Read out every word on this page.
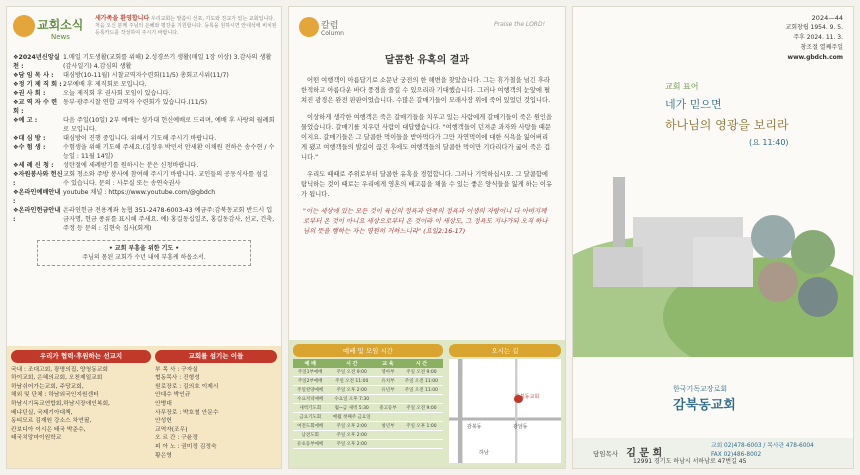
교회소식
News
새가족을 환영합니다 우리교회는 말씀이 선포, 기도와 친교가 있는 교회입니다. 처음 오신 분께 주님의 은혜와 평강을 기원합니다. 등록을 원하시면 안내석에 비치된 등록카드를 작성하여 주시기 바랍니다.
❖2024년신앙실천 :
1.매일 기도생활(교회를 위해) 2.성경쓰기 생활(매일 1장 이상) 3.감사의 생활(감사일기) 4.감심의 생활
❖담 임 목 사 :	대심방(10-11월) 시찰교역자수련회(11/5) 총회고시위(11/7)
❖정 기 제 직 회 : 2부예배 후 제직회로 모입니다.
❖권 사 회 :	오늘 제직회 후 권사회 모임이 있습니다.
❖교 역 자 수 련 회 :
동부·광주시찰 연합 교역자 수련회가 있습니다.(11/5)
❖예 고 :	다음 주일(10일) 2부 예배는 성가대 헌신예배로 드리며, 예배 후 사랑의 월례회로 모입니다.
❖대 심 방 :	대심방이 진행 중입니다. 위해서 기도해 주시기 바랍니다.
❖수 험 생 :	수험생을 위해 기도해 주세요.(김장우 박민서 안세환 이채원 전하은 송수현 / 수능일 : 11월 14일)
❖세 례 신 청 :	성탄절에 세례받기를 원하시는 분은 신청바랍니다.
❖자원봉사와 헌신 :
교회 청소와 주방 봉사에 참여해 주시기 바랍니다. 교인들의 공동식사를 섬길 수 있습니다. 문의 : 사무실 또는 송연숙권사
❖온라인예배안내 :
youtube 채널 : https://www.youtube.com/@gbdch
❖온라인헌금안내 :
온라인헌금 전용계좌 농협 351-2478-6003-43 예금주:감북동교회 반드시 입금자명, 헌금 종류를 표시해 주세요. 예) 홍길동십일조, 홍길동감사, 선교, 건축, 주정 등 문의 : 김현숙 집사(회계)
• 교회 부흥을 위한 기도 •
주님의 몸된 교회가 수년 내에 부흥케 하옵소서.
우리가 협력·후원하는 선교지
국내 : 조대고회, 광명의집, 양청동교회
하이교회, 은혜의교회, 오천제일교회
하남쉬어가는교회, 주당교회,
해외 및 단체 : 하남외국인지원센터
하남시기독교연합회,하남시장애인복회,
베냐딘실, 국제기아대책,
동티모르 김재원 강소스 차연필,
칸보디아 이시은 태국 박준수,
태국치앙마이원학교
교회를 섬기는 이들
부 목 사 : 구자실
협동목사 : 진형성
원로장로 : 김의호 이제시
안대수 박인규
안병대
사무장로 : 박호철 안문수
안성헌
교역자(조우)
오 르 간 : 구윤정
피 아 노 : 권미정 김정숙
황은영
칼럼
Column
Praise the LORD!
달콤한 유혹의 결과

어떤 여행객이 아름답기로 소문난 궁전의 한 해변을 찾았습니다. 그는 휴가철을 넘긴 후라 한적하고 아름다운 바다 풍경을 즐길 수 있으리라 기대했습니다. 그러나 여행객의 눈앞에 펼쳐진 광경은 완전 판판이었습니다. 수많은 갈매기들이 모래사장 위에 죽어 있었던 것입니다.

이상하게 생각한 여행객은 죽은 갈매기들을 치우고 있는 사람에게 갈매기들이 죽은 원인을 물었습니다. 갈매기를 치우던 사람이 대답했습니다. "여행객들이 던져준 과자와 사탕들 때문이지요. 갈매기들은 그 달콤한 먹이들을 받아먹다가 그만 자연먹이에 대한 식욕을 잃어버리게 됐고 여행객들의 발길이 끊긴 후에도 여행객들의 달콤한 먹이만 기다리다가 굶어 죽은 겁니다."

우리도 때때로 주위로부터 달콤한 유혹을 경험합니다. 그러나 기억하십시오. 그 달콤함에 탐닉하는 것이 때로는 우리에게 영혼의 배고픔을 채울 수 있는 좋은 양식들을 잃게 하는 이유가 됩니다.

"이는 세상에 있는 모든 것이 육신의 정욕과 안목의 정욕과 이생의 자랑이니 다 아버지께로부터 온 것이 아니요 세상으로부터 온 것이라 이 세상도, 그 정욕도 지나가되 오직 하나님의 뜻을 행하는 자는 영원히 거하느니라" (요일2:16-17)
예배 및 모임 시간
예 배	시 간	교 육	시 간
주일1부예배	주일 오전 9:00	영아부	주일 오전 9:00
주일2부예배	주일 오전 11:00	유치부	주일 오전 11:00
주일찬양예배	주일 오후 2:00	유년부	주일 오전 11:00
수요저녁예배	수요일 오후 7:30		
새벽기도회	월~금 새벽 5:30	중고등부	주일 오전 9:00
금요기도회	매월 첫째주 금요일		
여전도회예배	주일 오후 2:00	청년부	주일 오후 1:00
남전도회	주일 오후 2:00		
유초등부예배	주일 오후 2:00		
오시는 길
감북동교회
감북동	광암동
하남
2024—44
교회창립 1954. 9. 5.
주후 2024. 11. 3.
창조절 열째주일
www.gbdch.com
교회 표어
네가 믿으면
하나님의 영광을 보리라
(요 11:40)
한국기독교장로회
감북동교회
담임목사 김 문 희
교회 02)478-6003 / 목사관 478-6004
FAX 02)486-8002
12991 경기도 하남시 서하남로 47번길 45
